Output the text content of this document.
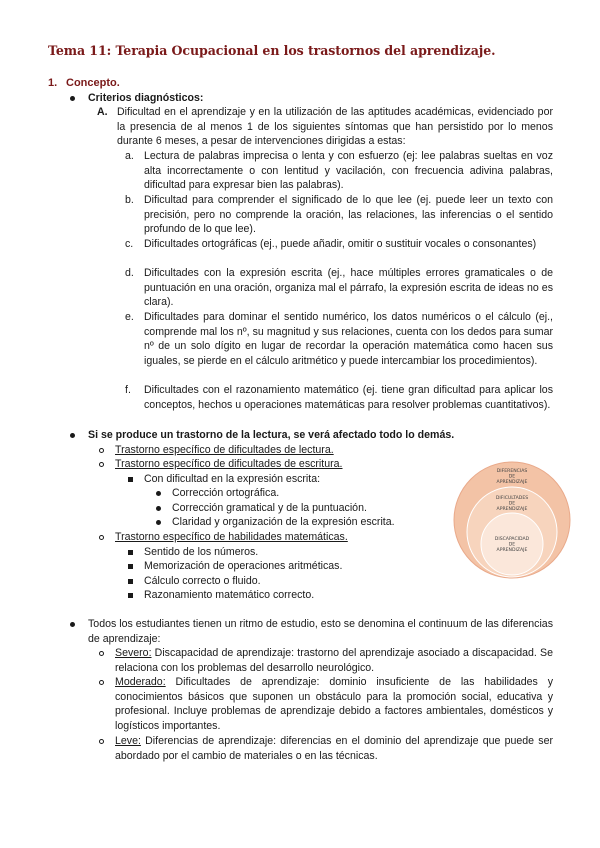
Tema 11: Terapia Ocupacional en los trastornos del aprendizaje.
1. Concepto.
Criterios diagnósticos:
A. Dificultad en el aprendizaje y en la utilización de las aptitudes académicas, evidenciado por la presencia de al menos 1 de los siguientes síntomas que han persistido por lo menos durante 6 meses, a pesar de intervenciones dirigidas a estas:
a. Lectura de palabras imprecisa o lenta y con esfuerzo (ej: lee palabras sueltas en voz alta incorrectamente o con lentitud y vacilación, con frecuencia adivina palabras, dificultad para expresar bien las palabras).
b. Dificultad para comprender el significado de lo que lee (ej. puede leer un texto con precisión, pero no comprende la oración, las relaciones, las inferencias o el sentido profundo de lo que lee).
c. Dificultades ortográficas (ej., puede añadir, omitir o sustituir vocales o consonantes)
d. Dificultades con la expresión escrita (ej., hace múltiples errores gramaticales o de puntuación en una oración, organiza mal el párrafo, la expresión escrita de ideas no es clara).
e. Dificultades para dominar el sentido numérico, los datos numéricos o el cálculo (ej., comprende mal los nº, su magnitud y sus relaciones, cuenta con los dedos para sumar nº de un solo dígito en lugar de recordar la operación matemática como hacen sus iguales, se pierde en el cálculo aritmético y puede intercambiar los procedimientos).
f. Dificultades con el razonamiento matemático (ej. tiene gran dificultad para aplicar los conceptos, hechos u operaciones matemáticas para resolver problemas cuantitativos).
Si se produce un trastorno de la lectura, se verá afectado todo lo demás.
Trastorno específico de dificultades de lectura.
Trastorno específico de dificultades de escritura.
Con dificultad en la expresión escrita:
Corrección ortográfica.
Corrección gramatical y de la puntuación.
Claridad y organización de la expresión escrita.
Trastorno específico de habilidades matemáticas.
Sentido de los números.
Memorización de operaciones aritméticas.
Cálculo correcto o fluido.
Razonamiento matemático correcto.
DIFERENCIAS
DE
APRENDIZAJE
DIFICULTADES
DE
APRENDIZAJE
DISCAPACIDAD
DE
APRENDIZAJE
Todos los estudiantes tienen un ritmo de estudio, esto se denomina el continuum de las diferencias de aprendizaje:
Severo: Discapacidad de aprendizaje: trastorno del aprendizaje asociado a discapacidad. Se relaciona con los problemas del desarrollo neurológico.
Moderado: Dificultades de aprendizaje: dominio insuficiente de las habilidades y conocimientos básicos que suponen un obstáculo para la promoción social, educativa y profesional. Incluye problemas de aprendizaje debido a factores ambientales, domésticos y logísticos importantes.
Leve: Diferencias de aprendizaje: diferencias en el dominio del aprendizaje que puede ser abordado por el cambio de materiales o en las técnicas.
